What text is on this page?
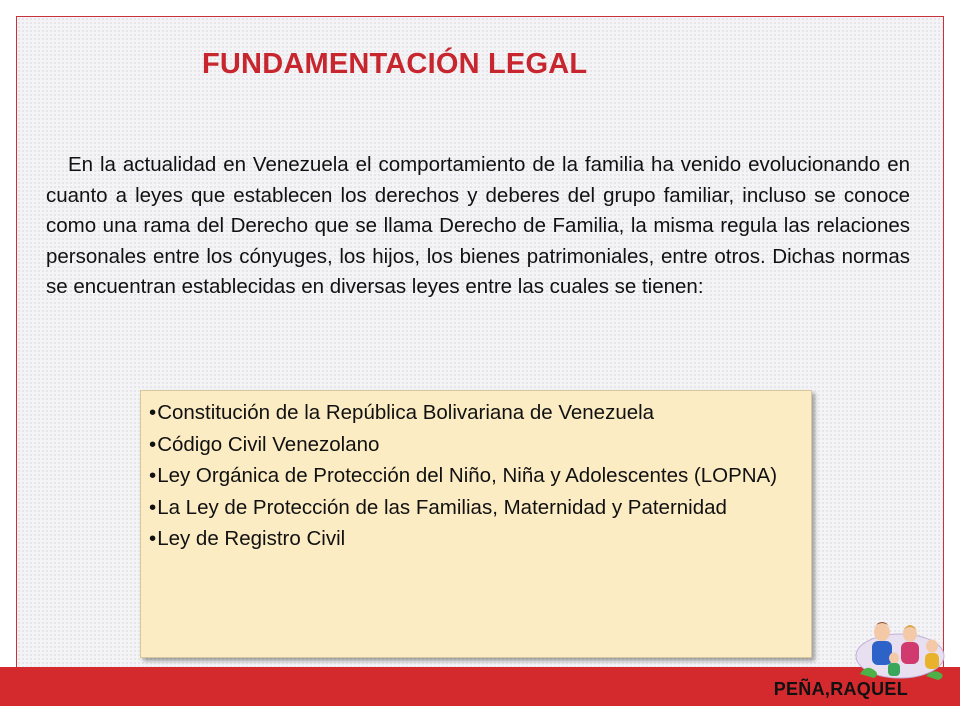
FUNDAMENTACIÓN LEGAL

En la actualidad en Venezuela el comportamiento de la familia ha venido evolucionando en cuanto a leyes que establecen los derechos y deberes del grupo familiar, incluso se conoce como una rama del Derecho que se llama Derecho de Familia, la misma regula las relaciones personales entre los cónyuges, los hijos, los bienes patrimoniales, entre otros. Dichas normas se encuentran establecidas en diversas leyes entre las cuales se tienen:

•Constitución de la República Bolivariana de Venezuela
•Código Civil Venezolano
•Ley Orgánica de Protección del Niño, Niña y Adolescentes (LOPNA)
•La Ley de Protección de las Familias, Maternidad y Paternidad
•Ley de Registro Civil

PEÑA,RAQUEL
